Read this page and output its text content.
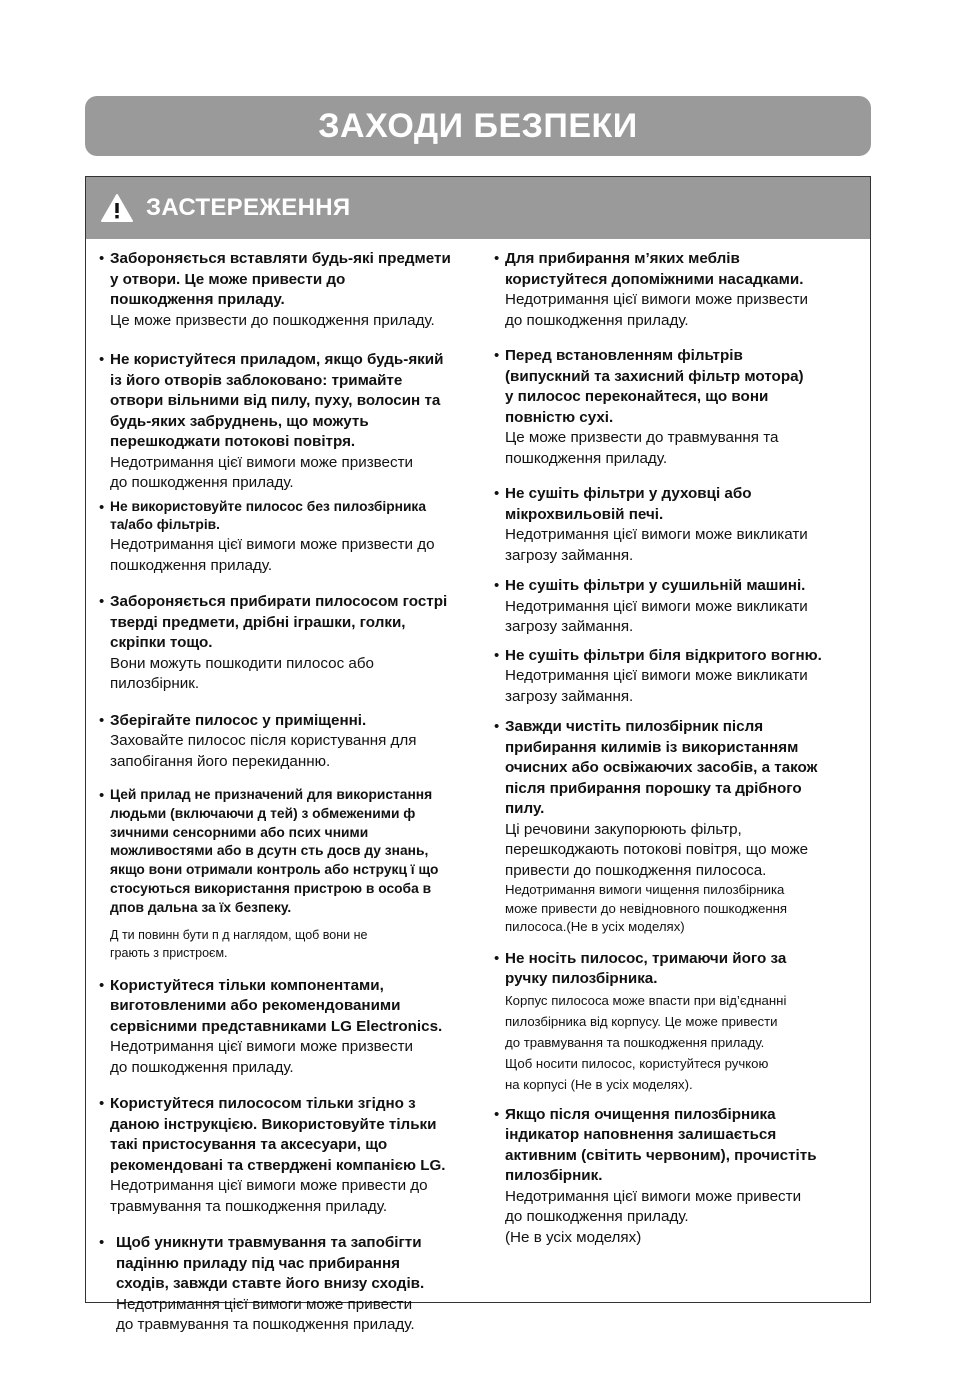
ЗАХОДИ БЕЗПЕКИ
ЗАСТЕРЕЖЕННЯ
• Забороняється вставляти будь-які предмети
у отвори. Це може привести до
пошкодження приладу.
Це може призвести до пошкодження приладу.
• Не користуйтеся приладом, якщо будь-який
із його отворів заблоковано: тримайте
отвори вільними від пилу, пуху, волосин та
будь-яких забруднень, що можуть
перешкоджати потокові повітря.
Недотримання цієї вимоги може призвести
до пошкодження приладу.
• Не використовуйте пилосос без пилозбірника
та/або фільтрів.
Недотримання цієї вимоги може призвести до
пошкодження приладу.
• Забороняється прибирати пилососом гострі
тверді предмети, дрібні іграшки, голки,
скріпки тощо.
Вони можуть пошкодити пилосос або
пилозбірник.
• Зберігайте пилосос у приміщенні.
Заховайте пилосос після користування для
запобігання його перекиданню.
• Цей прилад не призначений для використання
людьми (включаючи д тей) з обмеженими ф
зичними сенсорними або псих чними
можливостями або в дсутн сть досв ду знань,
якщо вони отримали контроль або нструкц ї що
стосуються використання пристрою в особа в
дпов дальна за їх безпеку.
Д ти повинн бути п д наглядом, щоб вони не
грають з пристроєм.
• Користуйтеся тільки компонентами,
виготовленими або рекомендованими
сервісними представниками LG Electronics.
Недотримання цієї вимоги може призвести
до пошкодження приладу.
• Користуйтеся пилососом тільки згідно з
даною інструкцією. Використовуйте тільки
такі пристосування та аксесуари, що
рекомендовані та стверджені компанією LG.
Недотримання цієї вимоги може привести до
травмування та пошкодження приладу.
• Щоб уникнути травмування та запобігти
падінню приладу під час прибирання
сходів, завжди ставте його внизу сходів.
Недотримання цієї вимоги може привести
до травмування та пошкодження приладу.
• Для прибирання м’яких меблів
користуйтеся допоміжними насадками.
Недотримання цієї вимоги може призвести
до пошкодження приладу.
• Перед встановленням фільтрів
(випускний та захисний фільтр мотора)
у пилосос переконайтеся, що вони
повністю сухі.
Це може призвести до травмування та
пошкодження приладу.
• Не сушіть фільтри у духовці або
мікрохвильовій печі.
Недотримання цієї вимоги може викликати
загрозу займання.
• Не сушіть фільтри у сушильній машині.
Недотримання цієї вимоги може викликати
загрозу займання.
• Не сушіть фільтри біля відкритого вогню.
Недотримання цієї вимоги може викликати
загрозу займання.
• Завжди чистіть пилозбірник після
прибирання килимів із використанням
очисних або освіжаючих засобів, а також
після прибирання порошку та дрібного
пилу.
Ці речовини закупорюють фільтр,
перешкоджають потокові повітря, що може
привести до пошкодження пилососа.
Недотримання вимоги чищення пилозбірника
може привести до невідновного пошкодження
пилососа.(Не в усіх моделях)
• Не носіть пилосос, тримаючи його за
ручку пилозбірника.
Корпус пилососа може впасти при від’єднанні
пилозбірника від корпусу. Це може привести
до травмування та пошкодження приладу.
Щоб носити пилосос, користуйтеся ручкою
на корпусі (Не в усіх моделях).
• Якщо після очищення пилозбірника
індикатор наповнення залишається
активним (світить червоним), прочистіть
пилозбірник.
Недотримання цієї вимоги може привести
до пошкодження приладу.
(Не в усіх моделях)
